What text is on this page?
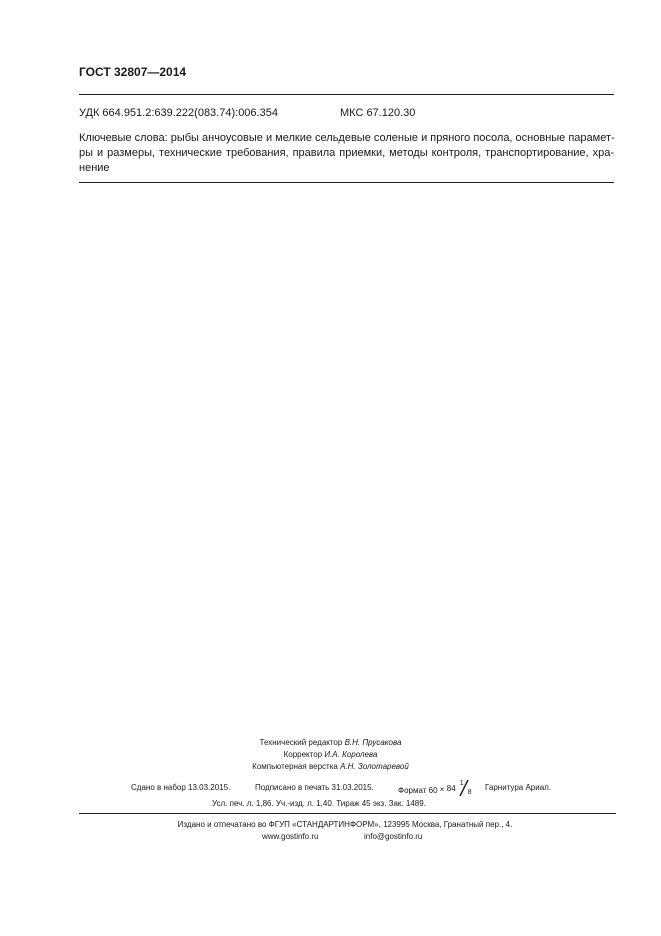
ГОСТ 32807—2014
УДК 664.951.2:639.222(083.74):006.354	МКС 67.120.30
Ключевые слова: рыбы анчоусовые и мелкие сельдевые соленые и пряного посола, основные парамет-
ры и размеры, технические требования, правила приемки, методы контроля, транспортирование, хра-
нение
Технический редактор В.Н. Прусакова
Корректор И.А. Королева
Компьютерная верстка А.Н. Золотаревой
Сдано в набор 13.03.2015.	Подписано в печать 31.03.2015.	Формат 60 × 84
1
8
Гарнитура Ариал.
Усл. печ. л. 1,86. Уч.-изд. л. 1,40. Тираж 45 экз. Зак. 1489.
Издано и отпечатано во ФГУП «СТАНДАРТИНФОРМ», 123995 Москва, Гранатный пер., 4.
www.gostinfo.ru	info@gostinfo.ru
